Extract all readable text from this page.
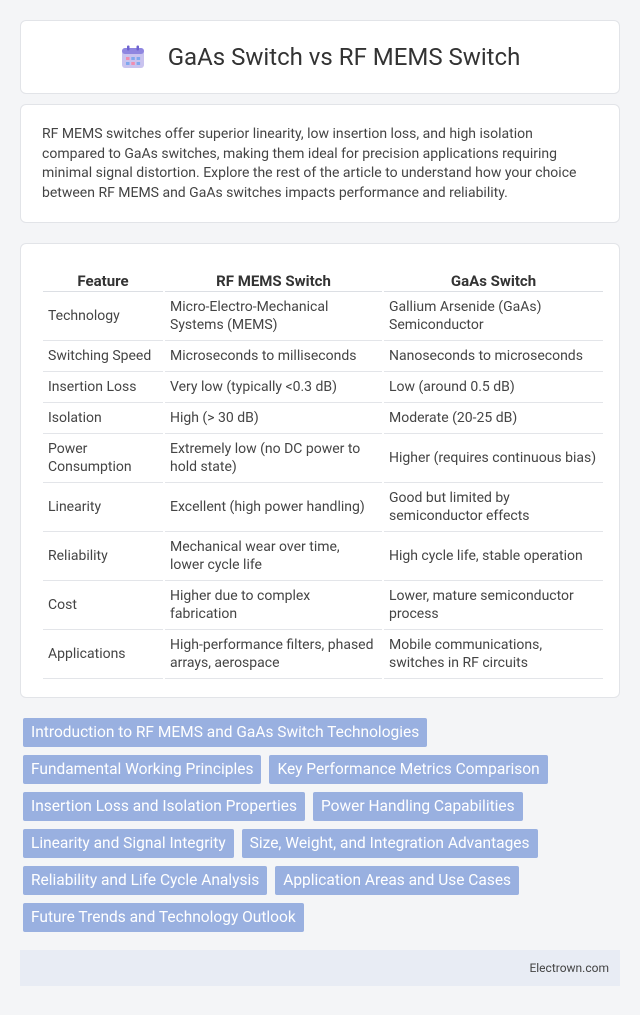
GaAs Switch vs RF MEMS Switch

RF MEMS switches offer superior linearity, low insertion loss, and high isolation compared to GaAs switches, making them ideal for precision applications requiring minimal signal distortion. Explore the rest of the article to understand how your choice between RF MEMS and GaAs switches impacts performance and reliability.

Feature	RF MEMS Switch	GaAs Switch
Technology	Micro-Electro-Mechanical Systems (MEMS)	Gallium Arsenide (GaAs) Semiconductor
Switching Speed	Microseconds to milliseconds	Nanoseconds to microseconds
Insertion Loss	Very low (typically <0.3 dB)	Low (around 0.5 dB)
Isolation	High (> 30 dB)	Moderate (20-25 dB)
Power Consumption	Extremely low (no DC power to hold state)	Higher (requires continuous bias)
Linearity	Excellent (high power handling)	Good but limited by semiconductor effects
Reliability	Mechanical wear over time, lower cycle life	High cycle life, stable operation
Cost	Higher due to complex fabrication	Lower, mature semiconductor process
Applications	High-performance filters, phased arrays, aerospace	Mobile communications, switches in RF circuits
Introduction to RF MEMS and GaAs Switch Technologies
Fundamental Working Principles	Key Performance Metrics Comparison
Insertion Loss and Isolation Properties	Power Handling Capabilities
Linearity and Signal Integrity	Size, Weight, and Integration Advantages
Reliability and Life Cycle Analysis	Application Areas and Use Cases
Future Trends and Technology Outlook
Electrown.com
